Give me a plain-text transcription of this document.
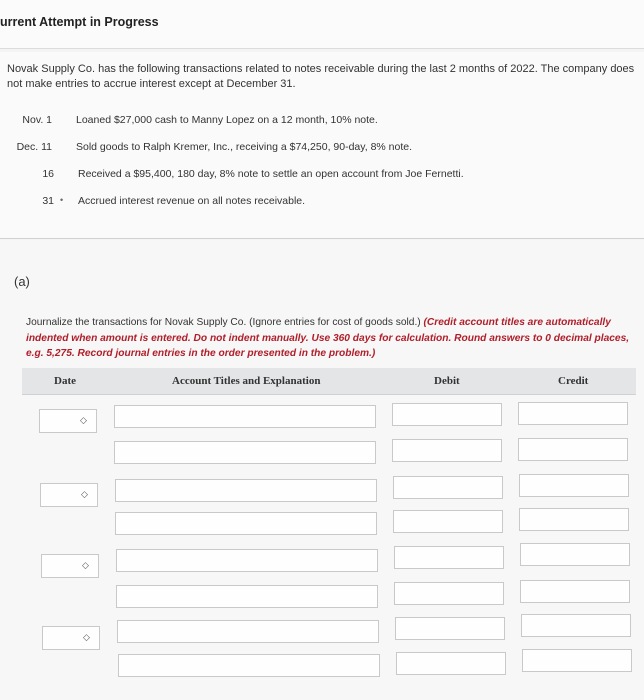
urrent Attempt in Progress
Novak Supply Co. has the following transactions related to notes receivable during the last 2 months of 2022. The company does not make entries to accrue interest except at December 31.
Nov. 1 Loaned $27,000 cash to Manny Lopez on a 12 month, 10% note.
Dec. 11 Sold goods to Ralph Kremer, Inc., receiving a $74,250, 90-day, 8% note.
16 Received a $95,400, 180 day, 8% note to settle an open account from Joe Fernetti.
31 • Accrued interest revenue on all notes receivable.
(a)
Journalize the transactions for Novak Supply Co. (Ignore entries for cost of goods sold.) (Credit account titles are automatically indented when amount is entered. Do not indent manually. Use 360 days for calculation. Round answers to 0 decimal places, e.g. 5,275. Record journal entries in the order presented in the problem.)
Date	Account Titles and Explanation	Debit	Credit
◇
◇
◇
◇
